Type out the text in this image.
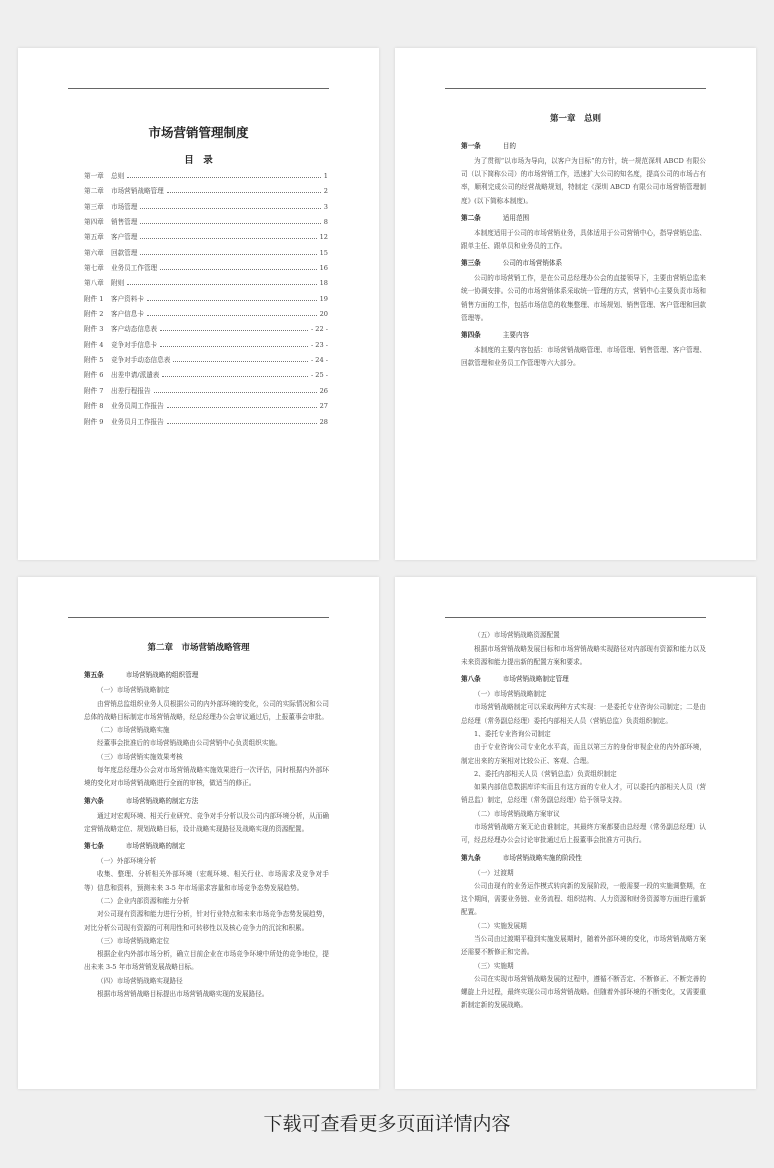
市场营销管理制度
目　录
第一章	总则	1
第二章	市场营销战略管理	2
第三章	市场管理	3
第四章	销售管理	8
第五章	客户管理	12
第六章	回款管理	15
第七章	业务员工作管理	16
第八章	附则	18
附件 1	客户资料卡	19
附件 2	客户信息卡	20
附件 3	客户动态信息表	- 22 -
附件 4	竞争对手信息卡	- 23 -
附件 5	竞争对手动态信息表	- 24 -
附件 6	出差申请/派遣表	- 25 -
附件 7	出差行程报告	26
附件 8	业务员周工作报告	27
附件 9	业务员月工作报告	28
第一章　总则
第一条	目的

为了贯彻“以市场为导向，以客户为目标”的方针，统一规范深圳 ABCD 有限公司（以下简称公司）的市场营销工作，迅速扩大公司的知名度，提高公司的市场占有率，顺利完成公司的经营战略规划，特制定《深圳 ABCD 有限公司市场营销管理制度》(以下简称本制度)。

第二条	适用范围

本制度适用于公司的市场营销业务，具体适用于公司营销中心，指导营销总监、跟单主任、跟单员和业务员的工作。

第三条	公司的市场营销体系

公司的市场营销工作，是在公司总经理办公会的直接领导下，主要由营销总监来统一协调安排。公司的市场营销体系采取统一管理的方式，营销中心主要负责市场和销售方面的工作，包括市场信息的收集整理、市场规划、销售管理、客户管理和回款管理等。

第四条	主要内容

本制度的主要内容包括：市场营销战略管理、市场管理、销售管理、客户管理、回款管理和业务员工作管理等六大部分。

第二章　市场营销战略管理
第五条	市场营销战略的组织管理

（一）市场营销战略制定

由营销总监组织业务人员根据公司的内外部环境的变化，公司的实际情况和公司总体的战略目标制定市场营销战略，经总经理办公会审议通过后，上报董事会审批。

（二）市场营销战略实施

经董事会批准后的市场营销战略由公司营销中心负责组织实施。

（三）市场营销实施效果考核

每年度总经理办公会对市场营销战略实施效果进行一次评估，同时根据内外部环境的变化对市场营销战略进行全面的审核，做适当的修正。

第六条	市场营销战略的制定方法

通过对宏观环境、相关行业研究、竞争对手分析以及公司内部环境分析，从而确定营销战略定位、规划战略目标，设计战略实现路径及战略实现的资源配置。

第七条	市场营销战略的制定

（一）外部环境分析

收集、整理、分析相关外部环境（宏观环境、相关行业、市场需求及竞争对手等）信息和资料，预测未来 3-5 年市场需求容量和市场竞争态势发展趋势。

（二）企业内部资源和能力分析

对公司现有资源和能力进行分析，针对行业特点和未来市场竞争态势发展趋势，对比分析公司现有资源的可利用性和可转移性以及核心竞争力的沉淀和积累。

（三）市场营销战略定位

根据企业内外部市场分析，确立目前企业在市场竞争环境中所处的竞争地位，提出未来 3-5 年市场营销发展战略目标。

（四）市场营销战略实现路径

根据市场营销战略目标提出市场营销战略实现的发展路径。

（五）市场营销战略资源配置

根据市场营销战略发展目标和市场营销战略实现路径对内部现有资源和能力以及未来资源和能力提出新的配置方案和要求。

第八条	市场营销战略制定管理

（一）市场营销战略制定

市场营销战略制定可以采取两种方式实现：一是委托专业咨询公司制定；二是由总经理（常务副总经理）委托内部相关人员（营销总监）负责组织制定。

1、委托专业咨询公司制定

由于专业咨询公司专业化水平高，而且以第三方的身份审视企业的内外部环境，制定出来的方案相对比较公正、客观、合理。

2、委托内部相关人员（营销总监）负责组织制定

如果内部信息数据库详实而且有这方面的专业人才，可以委托内部相关人员（营销总监）制定，总经理（常务副总经理）给予领导支持。

（二）市场营销战略方案审议

市场营销战略方案无论由谁制定，其最终方案都要由总经理（常务副总经理）认可，经总经理办公会讨论审批通过后上报董事会批准方可执行。

第九条	市场营销战略实施的阶段性

（一）过渡期

公司由现有的业务运作模式转向新的发展阶段，一般需要一段的实施调整期，在这个期间，需要业务链、业务流程、组织结构、人力资源和财务资源等方面进行重新配置。

（二）实施发展期

当公司由过渡期平稳到实施发展期时，随着外部环境的变化，市场营销战略方案还需要不断修正和完善。

（三）实施期

公司在实现市场营销战略发展的过程中，遵循不断否定、不断修正、不断完善的螺旋上升过程，最终实现公司市场营销战略。但随着外部环境的不断变化，又需要重新制定新的发展战略。

下载可查看更多页面详情内容
